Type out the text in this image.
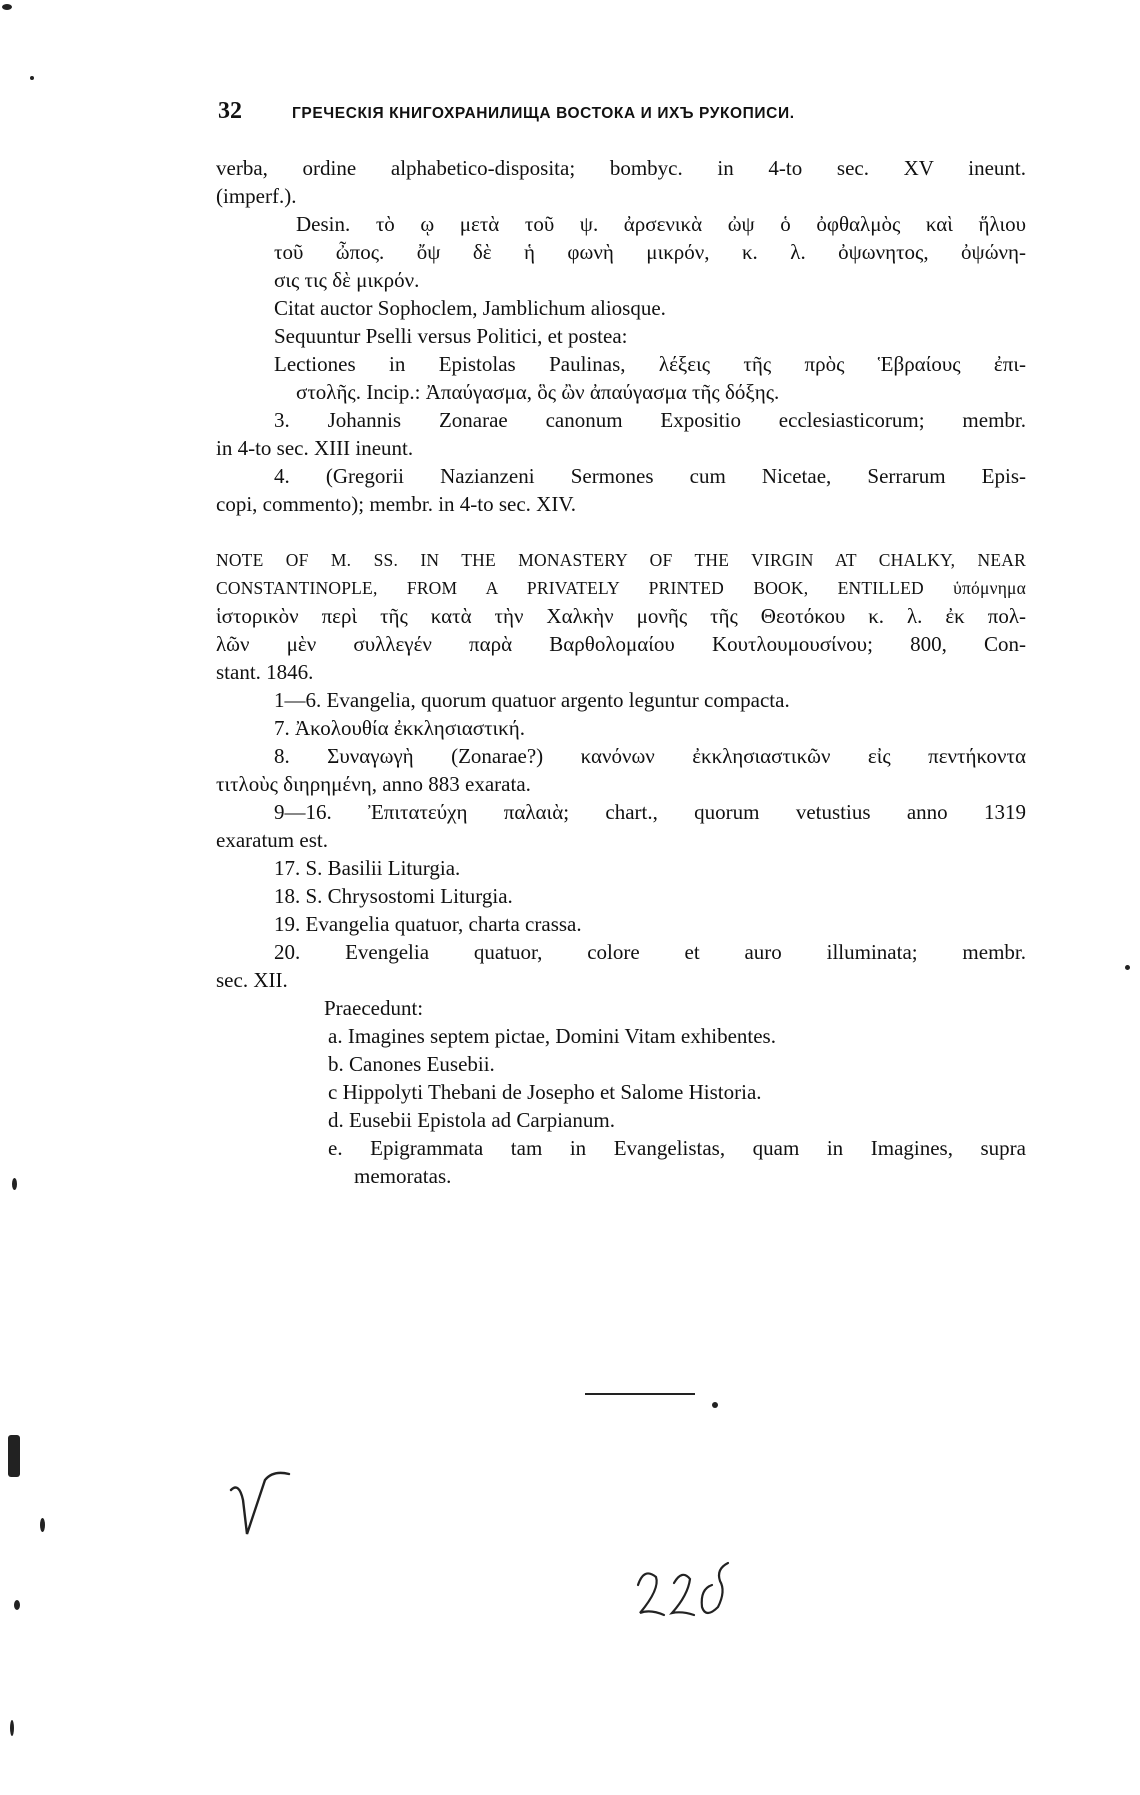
32	ГРЕЧЕСКІЯ КНИГОХРАНИЛИЩА ВОСТОКА И ИХЪ РУКОПИСИ.
verba, ordine alphabetico-disposita; bombyc. in 4-to sec. XV ineunt.
(imperf.).
Desin. τὸ ῳ μετὰ τοῦ ψ. ἀρσενικὰ ὠψ ὁ ὀφθαλμὸς καὶ ἥλιου
τοῦ ὦπος. ὄψ δὲ ἡ φωνὴ μικρόν, κ. λ. ὀψωνητος, ὀψώνη-
σις τις δὲ μικρόν.
Citat auctor Sophoclem, Jamblichum aliosque.
Sequuntur Pselli versus Politici, et postea:
Lectiones in Epistolas Paulinas, λέξεις τῆς πρὸς Ἑβραίους ἐπι-
στολῆς. Incip.: Ἀπαύγασμα, ὃς ὢν ἀπαύγασμα τῆς δόξης.
3. Johannis Zonarae canonum Expositio ecclesiasticorum; membr.
in 4-to sec. XIII ineunt.
4. (Gregorii Nazianzeni Sermones cum Nicetae, Serrarum Epis-
copi, commento); membr. in 4-to sec. XIV.
NOTE OF M. SS. IN THE MONASTERY OF THE VIRGIN AT CHALKY, NEAR
CONSTANTINOPLE, FROM A PRIVATELY PRINTED BOOK, ENTILLED ὑπόμνημα
ἱστορικὸν περὶ τῆς κατὰ τὴν Χαλκὴν μονῆς τῆς Θεοτόκου κ. λ. ἐκ πολ-
λῶν μὲν συλλεγέν παρὰ Βαρθολομαίου Κουτλουμουσίνου; 800, Con-
stant. 1846.
1—6. Evangelia, quorum quatuor argento leguntur compacta.
7. Ἀκολουθία ἐκκλησιαστική.
8. Συναγωγὴ (Zonarae?) κανόνων ἐκκλησιαστικῶν εἰς πεντήκοντα
τιτλοὺς διηρημένη, anno 883 exarata.
9—16. Ἐπιτατεύχη παλαιὰ; chart., quorum vetustius anno 1319
exaratum est.
17. S. Basilii Liturgia.
18. S. Chrysostomi Liturgia.
19. Evangelia quatuor, charta crassa.
20. Evengelia quatuor, colore et auro illuminata; membr.
sec. XII.
Praecedunt:
a. Imagines septem pictae, Domini Vitam exhibentes.
b. Canones Eusebii.
c Hippolyti Thebani de Josepho et Salome Historia.
d. Eusebii Epistola ad Carpianum.
e. Epigrammata tam in Evangelistas, quam in Imagines, supra
memoratas.
